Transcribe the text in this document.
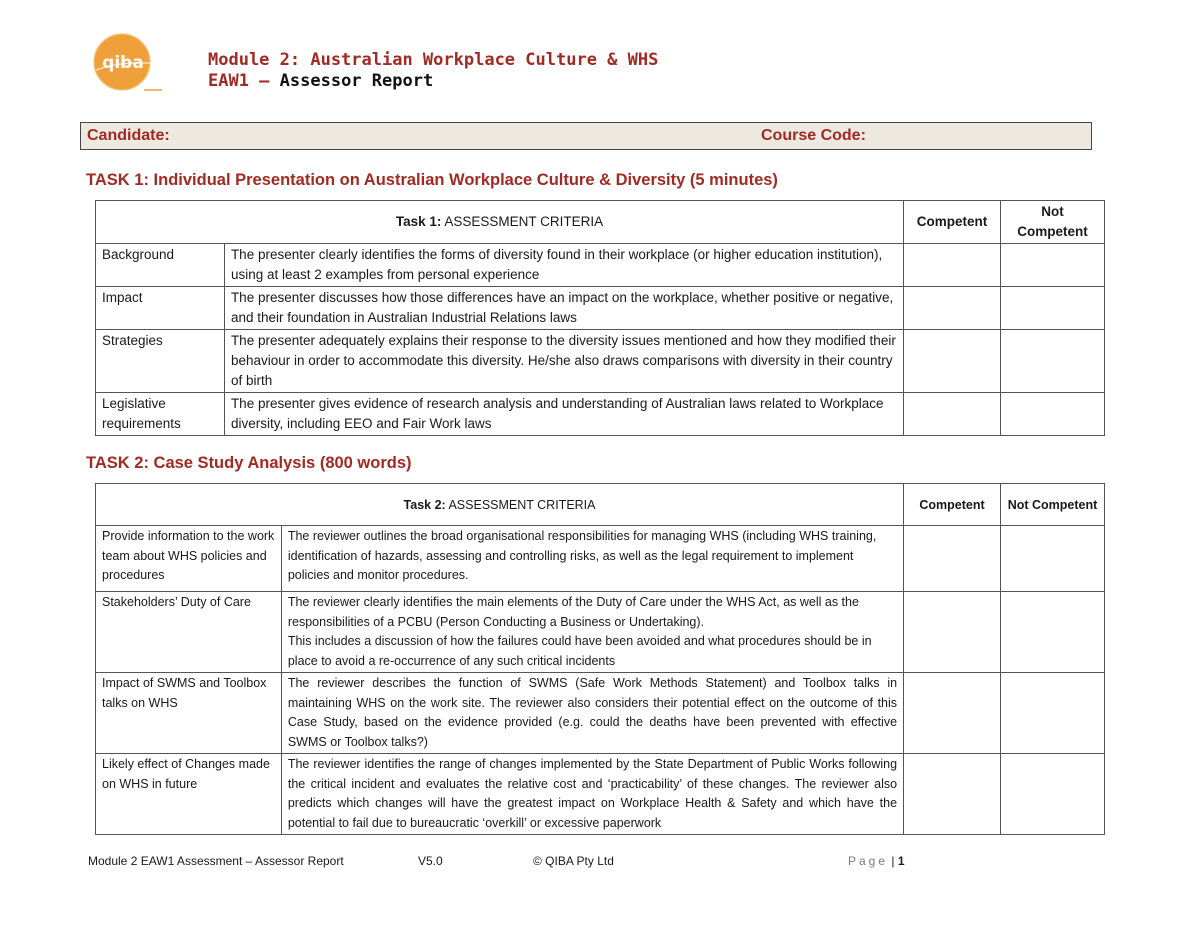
qiba	Module 2: Australian Workplace Culture & WHS
EAW1 – Assessor Report
Candidate:	Course Code:
TASK 1: Individual Presentation on Australian Workplace Culture & Diversity (5 minutes)
Task 1: ASSESSMENT CRITERIA		Competent	Not Competent
Background	The presenter clearly identifies the forms of diversity found in their workplace (or higher education institution), using at least 2 examples from personal experience		
Impact	The presenter discusses how those differences have an impact on the workplace, whether positive or negative, and their foundation in Australian Industrial Relations laws		
Strategies	The presenter adequately explains their response to the diversity issues mentioned and how they modified their behaviour in order to accommodate this diversity. He/she also draws comparisons with diversity in their country of birth		
Legislative requirements	The presenter gives evidence of research analysis and understanding of Australian laws related to Workplace diversity, including EEO and Fair Work laws		
TASK 2: Case Study Analysis (800 words)
Task 2: ASSESSMENT CRITERIA		Competent	Not Competent
Provide information to the work team about WHS policies and procedures	The reviewer outlines the broad organisational responsibilities for managing WHS (including WHS training, identification of hazards, assessing and controlling risks, as well as the legal requirement to implement policies and monitor procedures.		
Stakeholders’ Duty of Care	The reviewer clearly identifies the main elements of the Duty of Care under the WHS Act, as well as the responsibilities of a PCBU (Person Conducting a Business or Undertaking).
This includes a discussion of how the failures could have been avoided and what procedures should be in place to avoid a re-occurrence of any such critical incidents		

Impact of SWMS and Toolbox talks on WHS	The reviewer describes the function of SWMS (Safe Work Methods Statement) and Toolbox talks in maintaining WHS on the work site. The reviewer also considers their potential effect on the outcome of this Case Study, based on the evidence provided (e.g. could the deaths have been prevented with effective SWMS or Toolbox talks?)		
Likely effect of Changes made on WHS in future	The reviewer identifies the range of changes implemented by the State Department of Public Works following the critical incident and evaluates the relative cost and ‘practicability’ of these changes. The reviewer also predicts which changes will have the greatest impact on Workplace Health & Safety and which have the potential to fail due to bureaucratic ‘overkill’ or excessive paperwork		
Module 2 EAW1 Assessment – Assessor Report	V5.0	© QIBA Pty Ltd	Page | 1
